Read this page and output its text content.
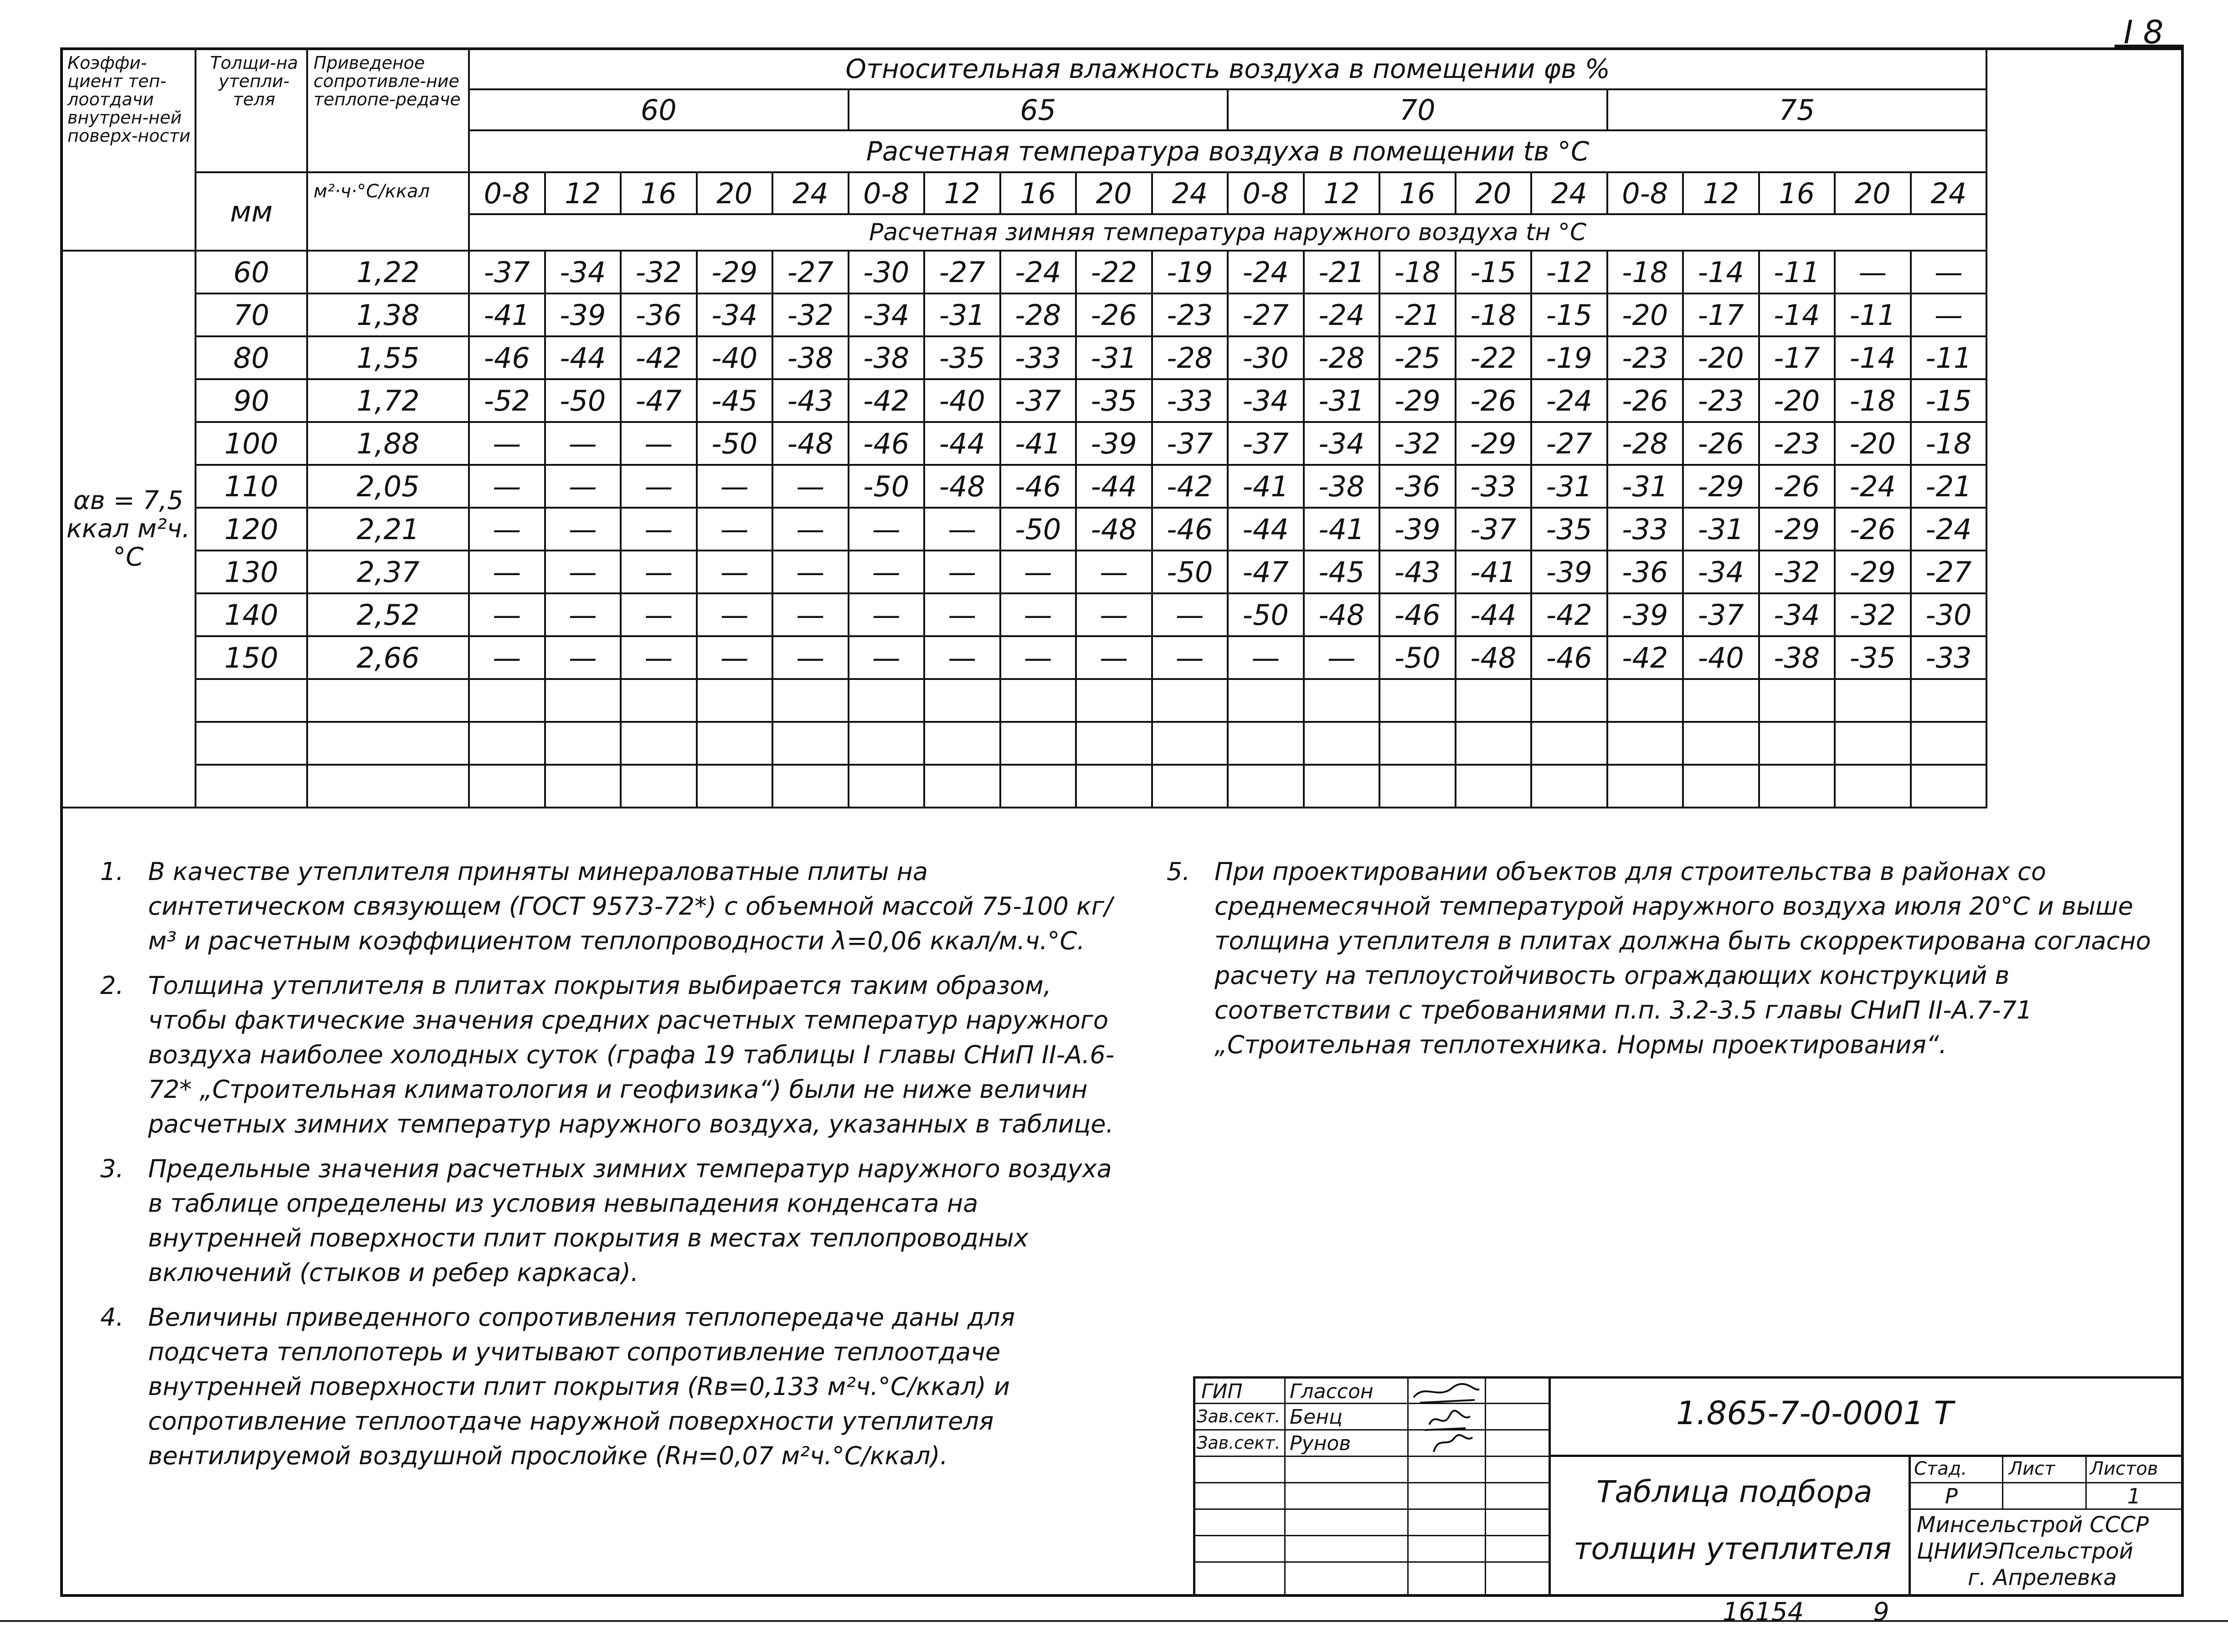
I 8
Коэффи-циент теп-лоотдачи внутрен-ней поверх-ности	Толщи-на утепли-теля	Приведеное сопротивле-ние теплопе-редаче	Относительная влажность воздуха в помещении φв %																			
			60					65					70					75				
			Расчетная температура воздуха в помещении tв °C																			
	мм	м²·ч·°C/ккал	0-8	12	16	20	24	0-8	12	16	20	24	0-8	12	16	20	24	0-8	12	16	20	24
			Расчетная зимняя температура наружного воздуха tн °C																			
αв = 7,5 ккал м²ч. °C	60	1,22	-37	-34	-32	-29	-27	-30	-27	-24	-22	-19	-24	-21	-18	-15	-12	-18	-14	-11	—	—
	70	1,38	-41	-39	-36	-34	-32	-34	-31	-28	-26	-23	-27	-24	-21	-18	-15	-20	-17	-14	-11	—
	80	1,55	-46	-44	-42	-40	-38	-38	-35	-33	-31	-28	-30	-28	-25	-22	-19	-23	-20	-17	-14	-11
	90	1,72	-52	-50	-47	-45	-43	-42	-40	-37	-35	-33	-34	-31	-29	-26	-24	-26	-23	-20	-18	-15
	100	1,88	—	—	—	-50	-48	-46	-44	-41	-39	-37	-37	-34	-32	-29	-27	-28	-26	-23	-20	-18
	110	2,05	—	—	—	—	—	-50	-48	-46	-44	-42	-41	-38	-36	-33	-31	-31	-29	-26	-24	-21
	120	2,21	—	—	—	—	—	—	—	-50	-48	-46	-44	-41	-39	-37	-35	-33	-31	-29	-26	-24
	130	2,37	—	—	—	—	—	—	—	—	—	-50	-47	-45	-43	-41	-39	-36	-34	-32	-29	-27
	140	2,52	—	—	—	—	—	—	—	—	—	—	-50	-48	-46	-44	-42	-39	-37	-34	-32	-30
	150	2,66	—	—	—	—	—	—	—	—	—	—	—	—	-50	-48	-46	-42	-40	-38	-35	-33

1. В качестве утеплителя приняты минераловатные плиты на синтетическом связующем (ГОСТ 9573-72*) с объемной массой 75-100 кг/м³ и расчетным коэффициентом теплопроводности λ=0,06 ккал/м.ч.°C.
2. Толщина утеплителя в плитах покрытия выбирается таким образом, чтобы фактические значения средних расчетных температур наружного воздуха наиболее холодных суток (графа 19 таблицы I главы СНиП II-А.6-72* „Строительная климатология и геофизика“) были не ниже величин расчетных зимних температур наружного воздуха, указанных в таблице.
3. Предельные значения расчетных зимних температур наружного воздуха в таблице определены из условия невыпадения конденсата на внутренней поверхности плит покрытия в местах теплопроводных включений (стыков и ребер каркаса).
4. Величины приведенного сопротивления теплопередаче даны для подсчета теплопотерь и учитывают сопротивление теплоотдаче внутренней поверхности плит покрытия (Rв=0,133 м²ч.°C/ккал) и сопротивление теплоотдаче наружной поверхности утеплителя вентилируемой воздушной прослойке (Rн=0,07 м²ч.°C/ккал).
5. При проектировании объектов для строительства в районах со среднемесячной температурой наружного воздуха июля 20°C и выше толщина утеплителя в плитах должна быть скорректирована согласно расчету на теплоустойчивость ограждающих конструкций в соответствии с требованиями п.п. 3.2-3.5 главы СНиП II-А.7-71 „Строительная теплотехника. Нормы проектирования“.
ГИП Глассон
Зав.сект. Бенц
Зав.сект. Рунов
1.865-7-0-0001 T
Таблица подбора
толщин утеплителя
Стад. Лист Листов
Р	1
Минсельстрой СССР
ЦНИИЭПсельстрой
г. Апрелевка
16154	9
